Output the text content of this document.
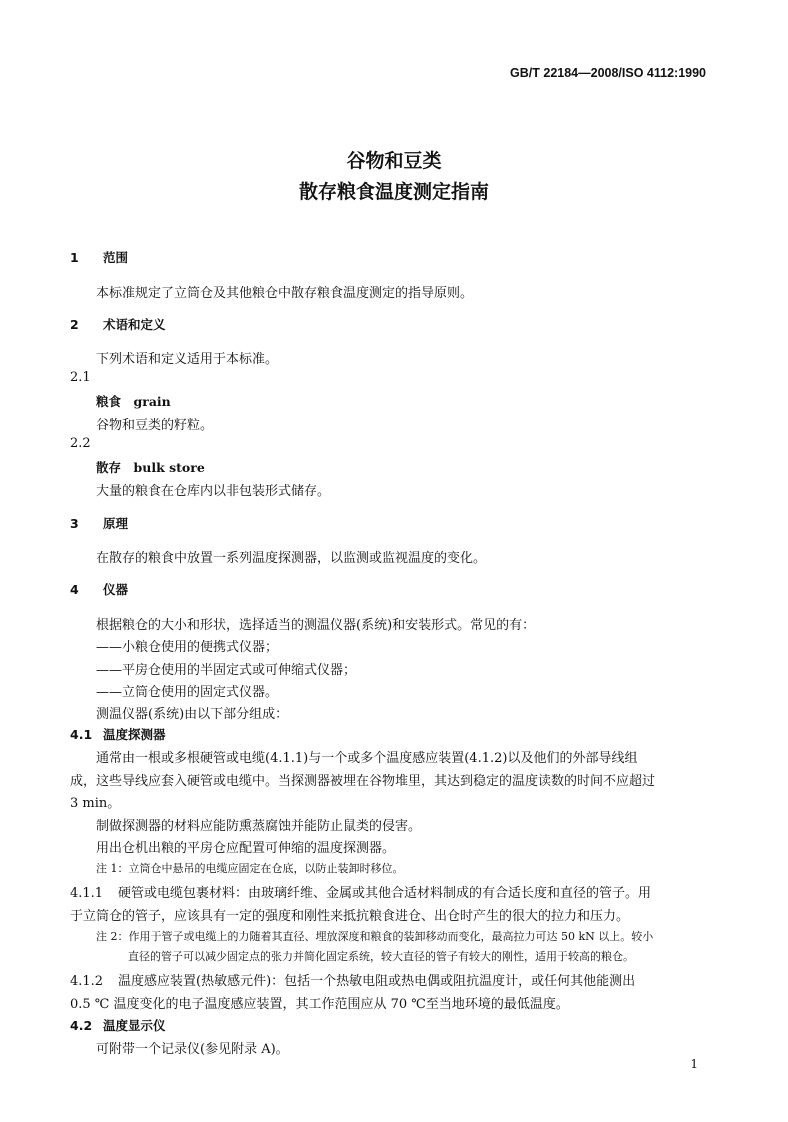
GB/T 22184—2008/ISO 4112:1990
谷物和豆类
散存粮食温度测定指南
1 范围
本标准规定了立筒仓及其他粮仓中散存粮食温度测定的指导原则。
2 术语和定义
下列术语和定义适用于本标准。
2.1
粮食　grain
谷物和豆类的籽粒。
2.2
散存　bulk store
大量的粮食在仓库内以非包装形式储存。
3 原理
在散存的粮食中放置一系列温度探测器，以监测或监视温度的变化。
4 仪器
根据粮仓的大小和形状，选择适当的测温仪器(系统)和安装形式。常见的有：
——小粮仓使用的便携式仪器；
——平房仓使用的半固定式或可伸缩式仪器；
——立筒仓使用的固定式仪器。
测温仪器(系统)由以下部分组成：
4.1 温度探测器
通常由一根或多根硬管或电缆(4.1.1)与一个或多个温度感应装置(4.1.2)以及他们的外部导线组
成，这些导线应套入硬管或电缆中。当探测器被埋在谷物堆里，其达到稳定的温度读数的时间不应超过
3 min。
制做探测器的材料应能防熏蒸腐蚀并能防止鼠类的侵害。
用出仓机出粮的平房仓应配置可伸缩的温度探测器。
注 1：立筒仓中悬吊的电缆应固定在仓底，以防止装卸时移位。
4.1.1 硬管或电缆包裹材料：由玻璃纤维、金属或其他合适材料制成的有合适长度和直径的管子。用
于立筒仓的管子，应该具有一定的强度和刚性来抵抗粮食进仓、出仓时产生的很大的拉力和压力。
注 2：作用于管子或电缆上的力随着其直径、埋放深度和粮食的装卸移动而变化，最高拉力可达 50 kN 以上。较小
直径的管子可以减少固定点的张力并简化固定系统，较大直径的管子有较大的刚性，适用于较高的粮仓。
4.1.2 温度感应装置(热敏感元件)：包括一个热敏电阻或热电偶或阻抗温度计，或任何其他能测出
0.5 ℃ 温度变化的电子温度感应装置，其工作范围应从 70 ℃至当地环境的最低温度。
4.2 温度显示仪
可附带一个记录仪(参见附录 A)。
1
